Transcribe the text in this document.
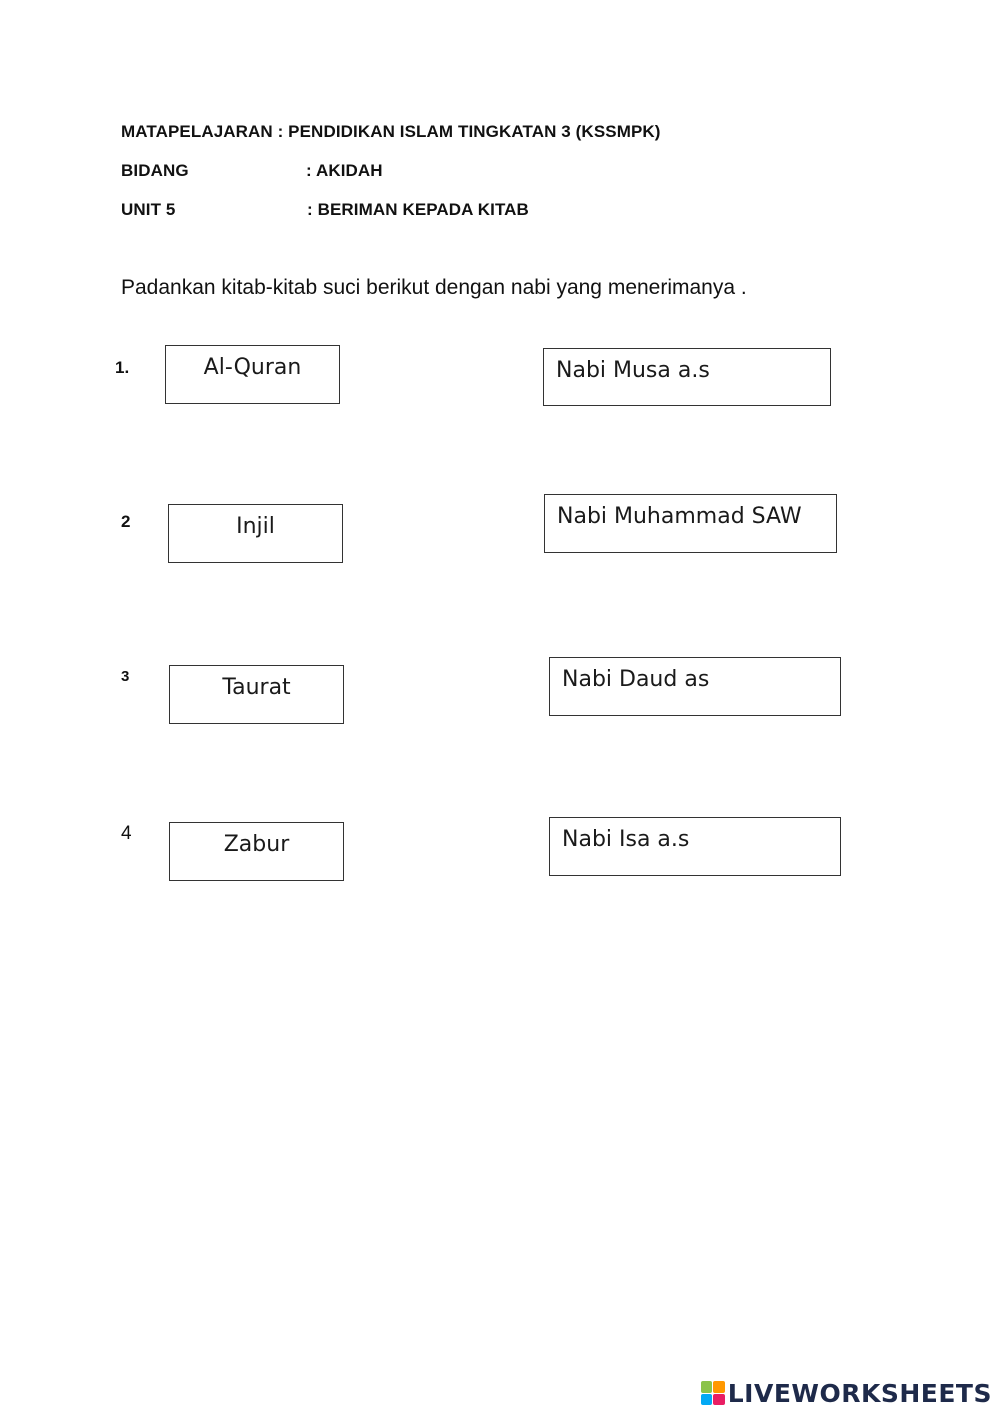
MATAPELAJARAN : PENDIDIKAN ISLAM TINGKATAN 3 (KSSMPK)
BIDANG	: AKIDAH
UNIT 5	: BERIMAN KEPADA KITAB
Padankan kitab-kitab suci berikut dengan nabi yang menerimanya .
1.	Al-Quran	Nabi Musa a.s
2	Injil	Nabi Muhammad SAW
3	Taurat	Nabi Daud as
4	Zabur	Nabi Isa a.s
LIVEWORKSHEETS
